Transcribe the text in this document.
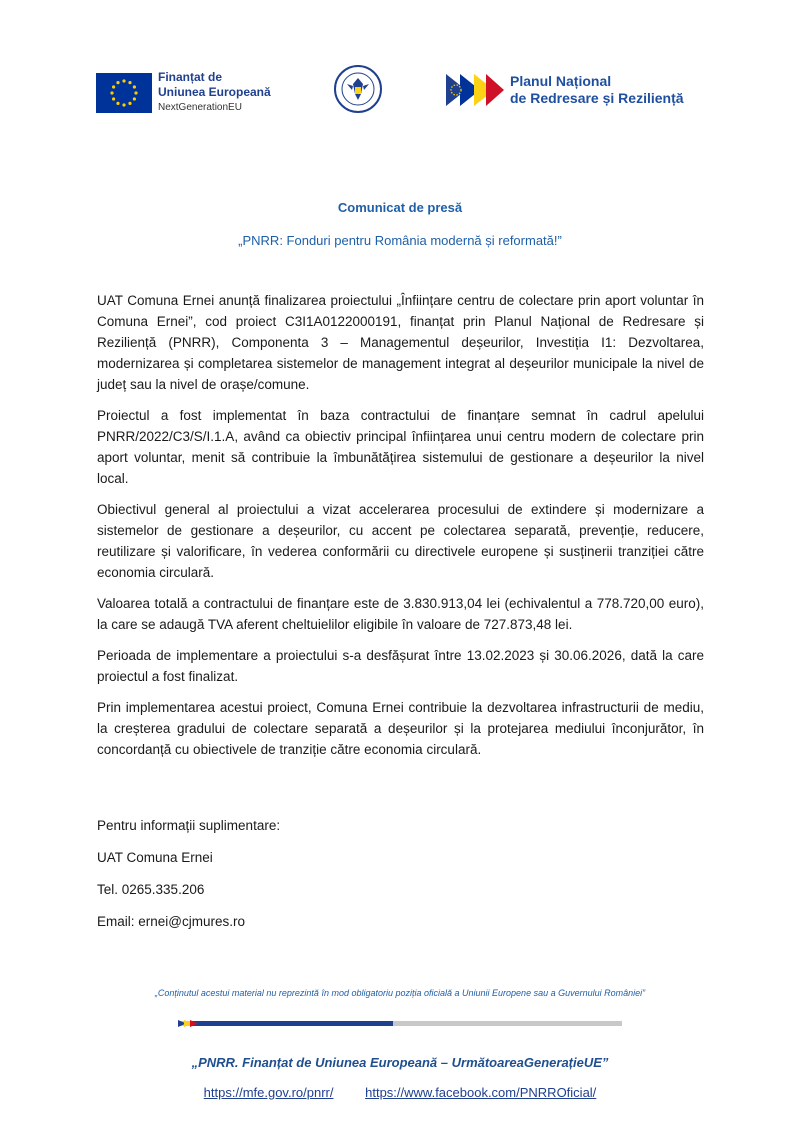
Finanțat de
Uniunea Europeană
NextGenerationEU
Planul Național
de Redresare și Reziliență
Comunicat de presă
„PNRR: Fonduri pentru România modernă și reformată!”

UAT Comuna Ernei anunță finalizarea proiectului „Înființare centru de colectare prin aport voluntar în Comuna Ernei”, cod proiect C3I1A0122000191, finanțat prin Planul Național de Redresare și Reziliență (PNRR), Componenta 3 – Managementul deșeurilor, Investiția I1: Dezvoltarea, modernizarea și completarea sistemelor de management integrat al deșeurilor municipale la nivel de județ sau la nivel de orașe/comune.

Proiectul a fost implementat în baza contractului de finanțare semnat în cadrul apelului PNRR/2022/C3/S/I.1.A, având ca obiectiv principal înființarea unui centru modern de colectare prin aport voluntar, menit să contribuie la îmbunătățirea sistemului de gestionare a deșeurilor la nivel local.

Obiectivul general al proiectului a vizat accelerarea procesului de extindere și modernizare a sistemelor de gestionare a deșeurilor, cu accent pe colectarea separată, prevenție, reducere, reutilizare și valorificare, în vederea conformării cu directivele europene și susținerii tranziției către economia circulară.

Valoarea totală a contractului de finanțare este de 3.830.913,04 lei (echivalentul a 778.720,00 euro), la care se adaugă TVA aferent cheltuielilor eligibile în valoare de 727.873,48 lei.

Perioada de implementare a proiectului s-a desfășurat între 13.02.2023 și 30.06.2026, dată la care proiectul a fost finalizat.

Prin implementarea acestui proiect, Comuna Ernei contribuie la dezvoltarea infrastructurii de mediu, la creșterea gradului de colectare separată a deșeurilor și la protejarea mediului înconjurător, în concordanță cu obiectivele de tranziție către economia circulară.

Pentru informații suplimentare:
UAT Comuna Ernei
Tel. 0265.335.206
Email: ernei@cjmures.ro
„Conținutul acestui material nu reprezintă în mod obligatoriu poziția oficială a Uniunii Europene sau a Guvernului României”
„PNRR. Finanțat de Uniunea Europeană – UrmătoareaGenerațieUE”
https://mfe.gov.ro/pnrr/ https://www.facebook.com/PNRROficial/
